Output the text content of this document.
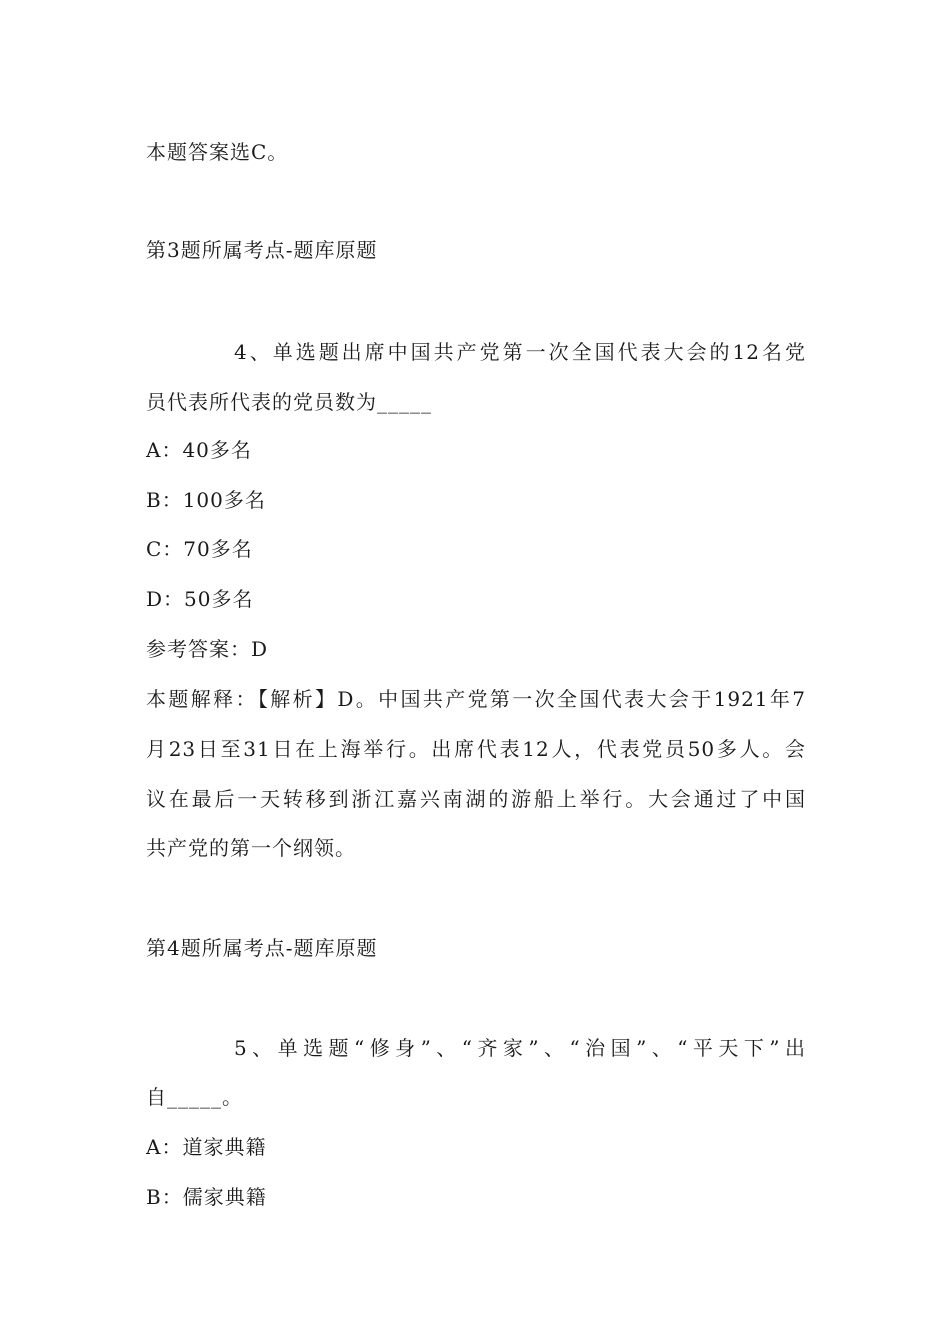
本题答案选C。
第3题所属考点-题库原题
4、单选题出席中国共产党第一次全国代表大会的12名党
员代表所代表的党员数为_____
A：40多名
B：100多名
C：70多名
D：50多名
参考答案：D
本题解释：【解析】D。中国共产党第一次全国代表大会于1921年7
月23日至31日在上海举行。出席代表12人，代表党员50多人。会
议在最后一天转移到浙江嘉兴南湖的游船上举行。大会通过了中国
共产党的第一个纲领。
第4题所属考点-题库原题
5、单选题“修身”、“齐家”、“治国”、“平天下”出
自_____。
A：道家典籍
B：儒家典籍
